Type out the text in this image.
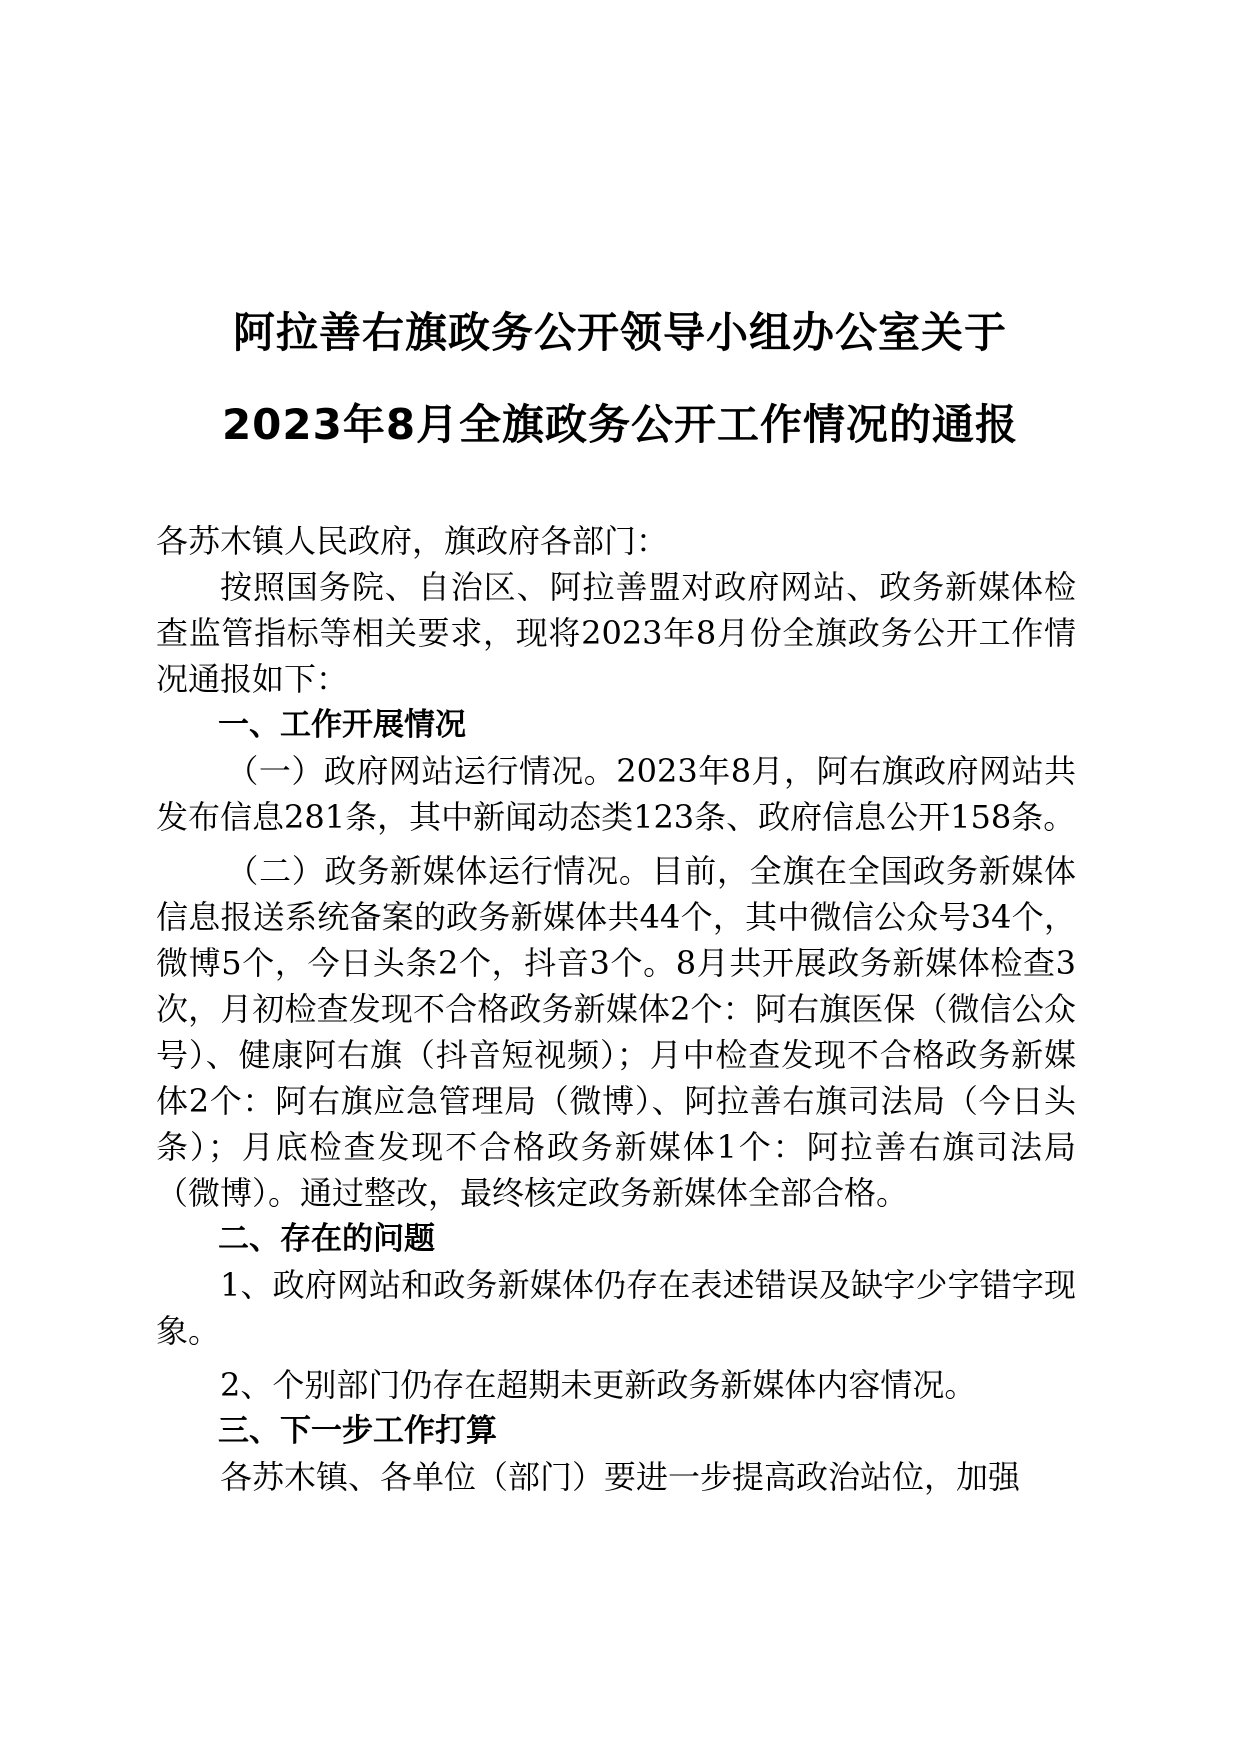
阿拉善右旗政务公开领导小组办公室关于
2023年8月全旗政务公开工作情况的通报

各苏木镇人民政府，旗政府各部门：

按照国务院、自治区、阿拉善盟对政府网站、政务新媒体检查监管指标等相关要求，现将2023年8月份全旗政务公开工作情况通报如下：

一、工作开展情况

（一）政府网站运行情况。2023年8月，阿右旗政府网站共发布信息281条，其中新闻动态类123条、政府信息公开158条。

（二）政务新媒体运行情况。目前，全旗在全国政务新媒体信息报送系统备案的政务新媒体共44个，其中微信公众号34个，微博5个，今日头条2个，抖音3个。8月共开展政务新媒体检查3次，月初检查发现不合格政务新媒体2个：阿右旗医保（微信公众号）、健康阿右旗（抖音短视频）；月中检查发现不合格政务新媒体2个：阿右旗应急管理局（微博）、阿拉善右旗司法局（今日头条）；月底检查发现不合格政务新媒体1个：阿拉善右旗司法局（微博）。通过整改，最终核定政务新媒体全部合格。

二、存在的问题

1、政府网站和政务新媒体仍存在表述错误及缺字少字错字现象。

2、个别部门仍存在超期未更新政务新媒体内容情况。

三、下一步工作打算

各苏木镇、各单位（部门）要进一步提高政治站位，加强
